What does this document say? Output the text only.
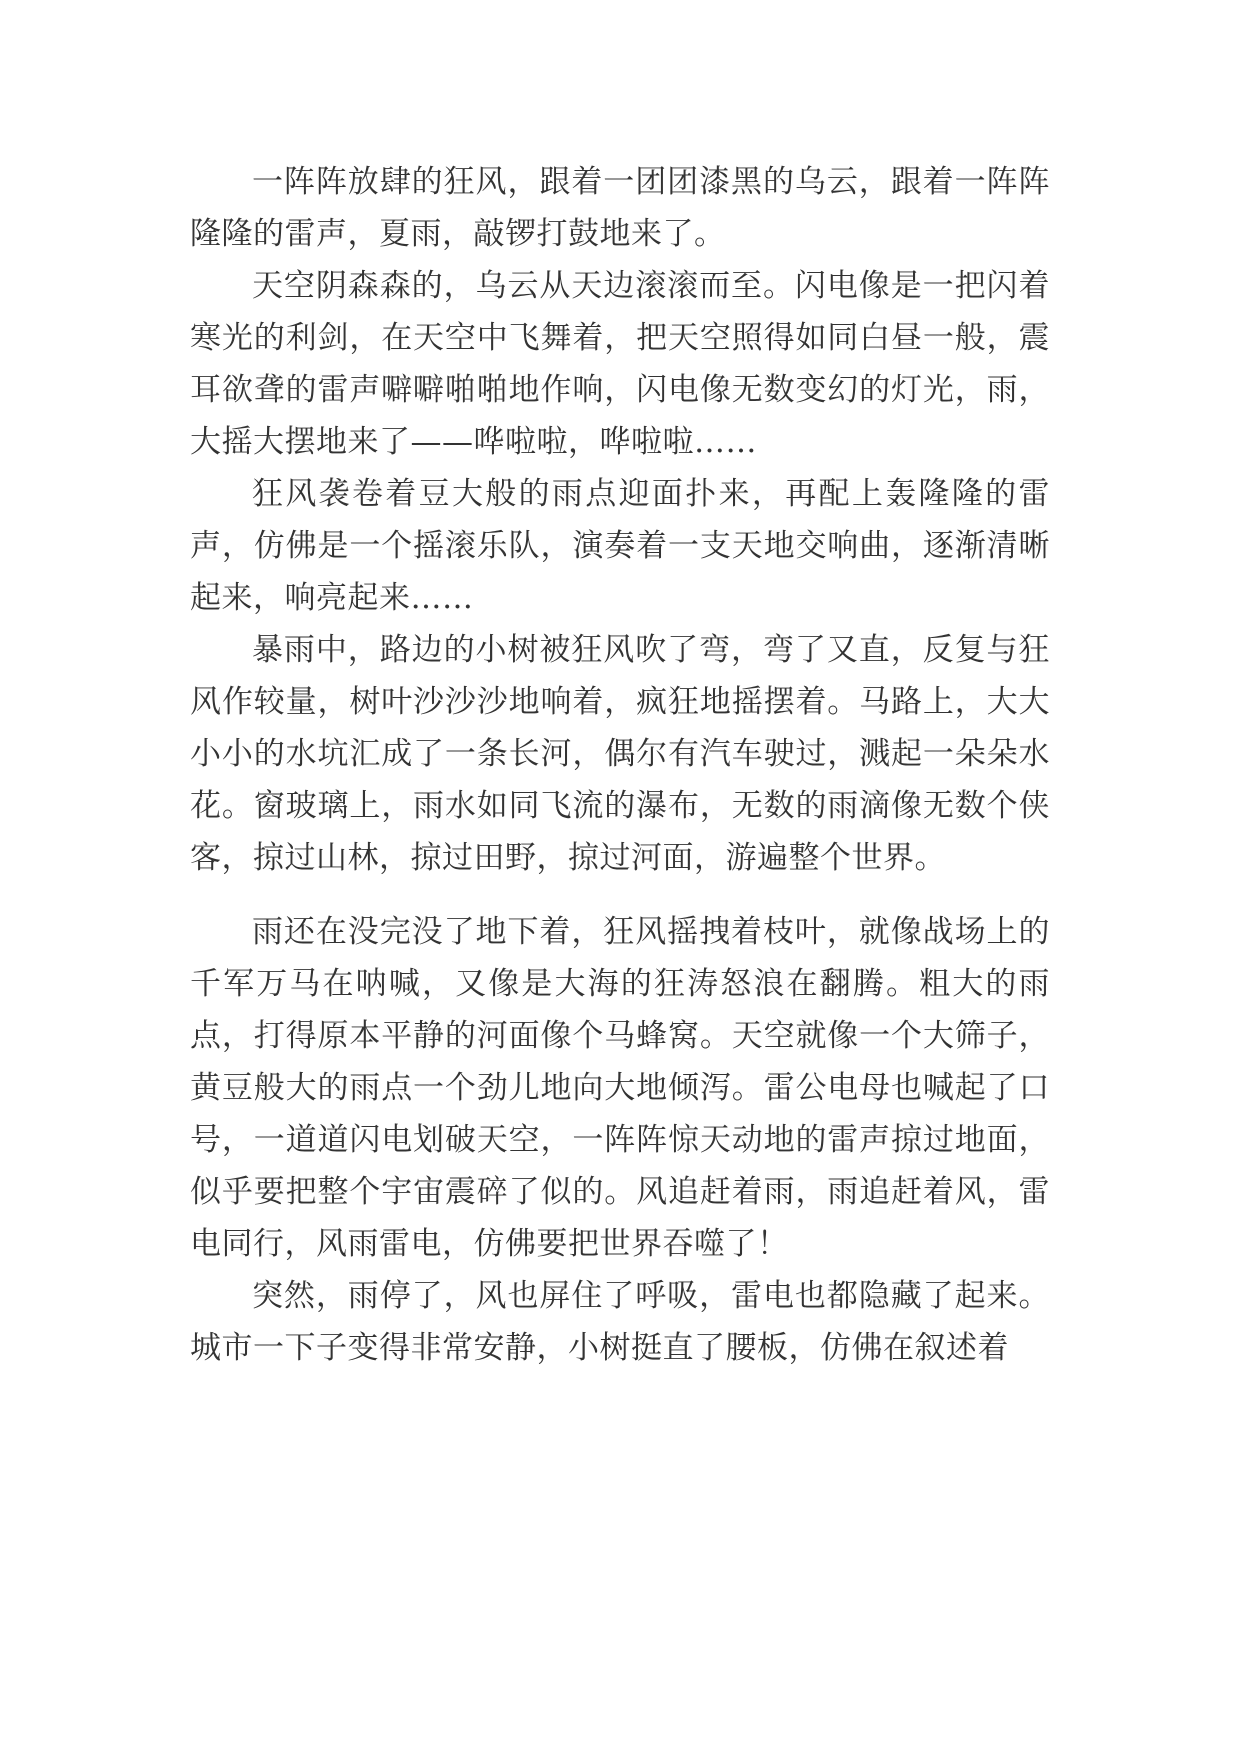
一阵阵放肆的狂风，跟着一团团漆黑的乌云，跟着一阵阵隆隆的雷声，夏雨，敲锣打鼓地来了。

天空阴森森的，乌云从天边滚滚而至。闪电像是一把闪着寒光的利剑，在天空中飞舞着，把天空照得如同白昼一般，震耳欲聋的雷声噼噼啪啪地作响，闪电像无数变幻的灯光，雨，大摇大摆地来了——哗啦啦，哗啦啦……

狂风袭卷着豆大般的雨点迎面扑来，再配上轰隆隆的雷声，仿佛是一个摇滚乐队，演奏着一支天地交响曲，逐渐清晰起来，响亮起来……

暴雨中，路边的小树被狂风吹了弯，弯了又直，反复与狂风作较量，树叶沙沙沙地响着，疯狂地摇摆着。马路上，大大小小的水坑汇成了一条长河，偶尔有汽车驶过，溅起一朵朵水花。窗玻璃上，雨水如同飞流的瀑布，无数的雨滴像无数个侠客，掠过山林，掠过田野，掠过河面，游遍整个世界。

雨还在没完没了地下着，狂风摇拽着枝叶，就像战场上的千军万马在呐喊，又像是大海的狂涛怒浪在翻腾。粗大的雨点，打得原本平静的河面像个马蜂窝。天空就像一个大筛子，黄豆般大的雨点一个劲儿地向大地倾泻。雷公电母也喊起了口号，一道道闪电划破天空，一阵阵惊天动地的雷声掠过地面，似乎要把整个宇宙震碎了似的。风追赶着雨，雨追赶着风，雷电同行，风雨雷电，仿佛要把世界吞噬了！

突然，雨停了，风也屏住了呼吸，雷电也都隐藏了起来。城市一下子变得非常安静，小树挺直了腰板，仿佛在叙述着
